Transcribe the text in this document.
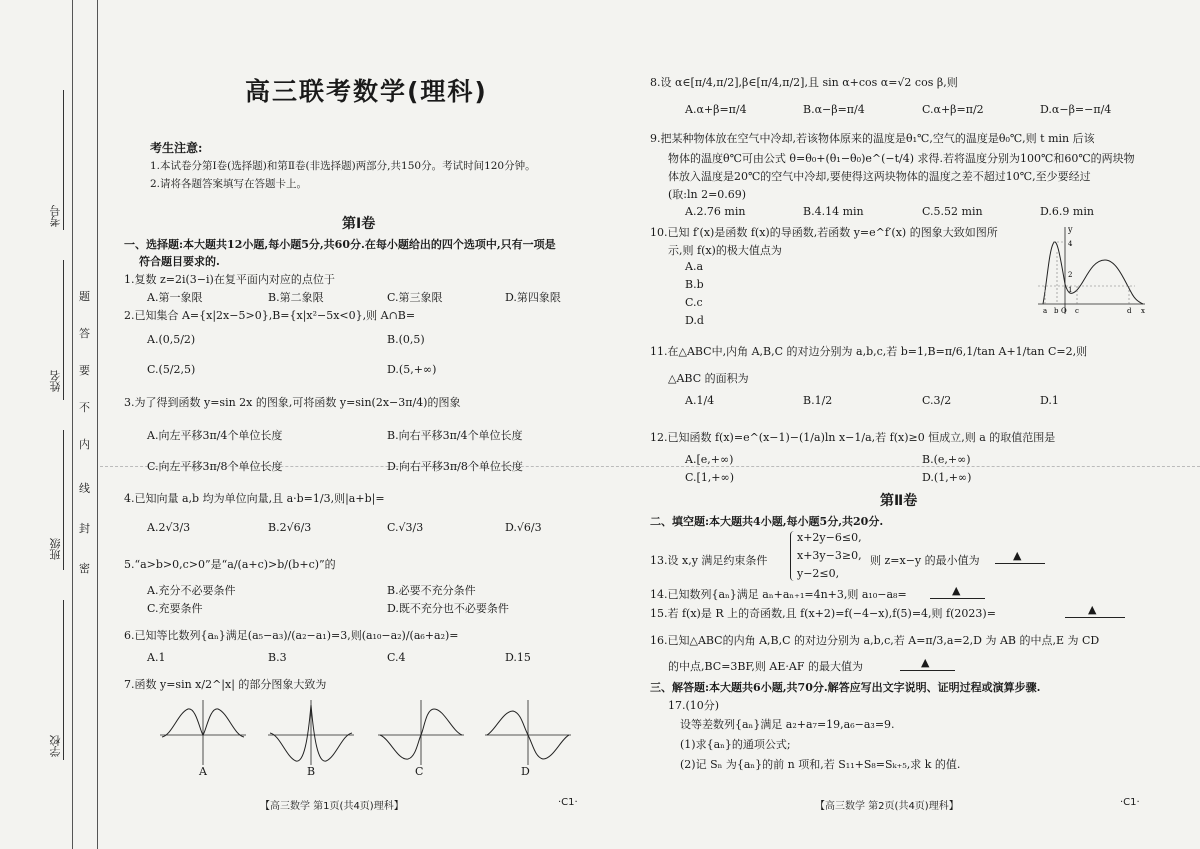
考号
姓名
班级
学校
题
答
要
不
内
线
封
密
高三联考数学(理科)
考生注意:
1.本试卷分第Ⅰ卷(选择题)和第Ⅱ卷(非选择题)两部分,共150分。考试时间120分钟。
2.请将各题答案填写在答题卡上。
第Ⅰ卷
一、选择题:本大题共12小题,每小题5分,共60分.在每小题给出的四个选项中,只有一项是
符合题目要求的.
1.复数 z=2i(3−i)在复平面内对应的点位于
A.第一象限	B.第二象限	C.第三象限	D.第四象限
2.已知集合 A={x|2x−5>0},B={x|x²−5x<0},则 A∩B=
A.(0,5/2)	B.(0,5)
C.(5/2,5)	D.(5,+∞)
3.为了得到函数 y=sin 2x 的图象,可将函数 y=sin(2x−3π/4)的图象
A.向左平移3π/4个单位长度	B.向右平移3π/4个单位长度
C.向左平移3π/8个单位长度	D.向右平移3π/8个单位长度
4.已知向量 a,b 均为单位向量,且 a·b=1/3,则|a+b|=
A.2√3/3	B.2√6/3	C.√3/3	D.√6/3
5.“a>b>0,c>0”是“a/(a+c)>b/(b+c)”的
A.充分不必要条件	B.必要不充分条件
C.充要条件	D.既不充分也不必要条件
6.已知等比数列{aₙ}满足(a₅−a₃)/(a₂−a₁)=3,则(a₁₀−a₂)/(a₆+a₂)=
A.1	B.3	C.4	D.15
7.函数 y=sin x/2^|x| 的部分图象大致为
A	B	C	D
【高三数学 第1页(共4页)理科】	·C1·
8.设 α∈[π/4,π/2],β∈[π/4,π/2],且 sin α+cos α=√2 cos β,则
A.α+β=π/4	B.α−β=π/4	C.α+β=π/2	D.α−β=−π/4
9.把某种物体放在空气中冷却,若该物体原来的温度是θ₁℃,空气的温度是θ₀℃,则 t min 后该
物体的温度θ℃可由公式 θ=θ₀+(θ₁−θ₀)e^(−t/4) 求得.若将温度分别为100℃和60℃的两块物
体放入温度是20℃的空气中冷却,要使得这两块物体的温度之差不超过10℃,至少要经过
(取:ln 2=0.69)
A.2.76 min	B.4.14 min	C.5.52 min	D.6.9 min
10.已知 f′(x)是函数 f(x)的导函数,若函数 y=e^f′(x) 的图象大致如图所
示,则 f(x)的极大值点为
A.a
B.b
C.c
D.d
y
4
2
1
a b O c	d x
11.在△ABC中,内角 A,B,C 的对边分别为 a,b,c,若 b=1,B=π/6,1/tan A+1/tan C=2,则
△ABC 的面积为
A.1/4	B.1/2	C.3/2	D.1
12.已知函数 f(x)=e^(x−1)−(1/a)ln x−1/a,若 f(x)≥0 恒成立,则 a 的取值范围是
A.[e,+∞)	B.(e,+∞)
C.[1,+∞)	D.(1,+∞)
第Ⅱ卷
二、填空题:本大题共4小题,每小题5分,共20分.
13.设 x,y 满足约束条件
x+2y−6≤0,
x+3y−3≥0,
y−2≤0,
则 z=x−y 的最小值为	▲
14.已知数列{aₙ}满足 aₙ+aₙ₊₁=4n+3,则 a₁₀−a₈=	▲
15.若 f(x)是 R 上的奇函数,且 f(x+2)=f(−4−x),f(5)=4,则 f(2023)=	▲
16.已知△ABC的内角 A,B,C 的对边分别为 a,b,c,若 A=π/3,a=2,D 为 AB 的中点,E 为 CD
的中点,BC=3BF,则 AE·AF 的最大值为	▲
三、解答题:本大题共6小题,共70分.解答应写出文字说明、证明过程或演算步骤.
17.(10分)
设等差数列{aₙ}满足 a₂+a₇=19,a₆−a₃=9.
(1)求{aₙ}的通项公式;
(2)记 Sₙ 为{aₙ}的前 n 项和,若 S₁₁+S₈=Sₖ₊₅,求 k 的值.
【高三数学 第2页(共4页)理科】	·C1·
